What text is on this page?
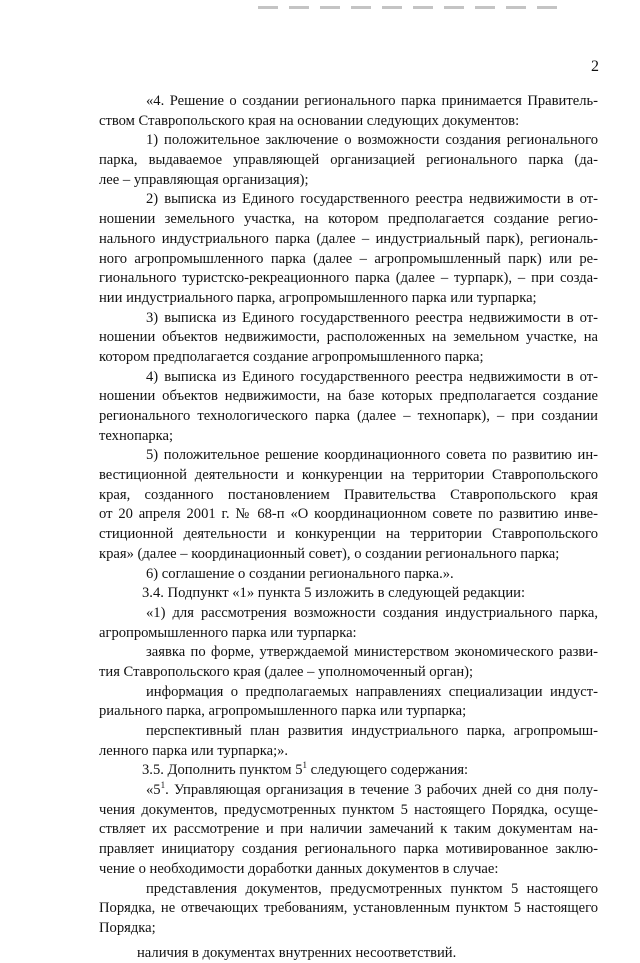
2
«4. Решение о создании регионального парка принимается Правитель-
ством Ставропольского края на основании следующих документов:
1) положительное заключение о возможности создания регионального
парка, выдаваемое управляющей организацией регионального парка (да-
лее – управляющая организация);
2) выписка из Единого государственного реестра недвижимости в от-
ношении земельного участка, на котором предполагается создание регио-
нального индустриального парка (далее – индустриальный парк), региональ-
ного агропромышленного парка (далее – агропромышленный парк) или ре-
гионального туристско-рекреационного парка (далее – турпарк), – при созда-
нии индустриального парка, агропромышленного парка или турпарка;
3) выписка из Единого государственного реестра недвижимости в от-
ношении объектов недвижимости, расположенных на земельном участке, на
котором предполагается создание агропромышленного парка;
4) выписка из Единого государственного реестра недвижимости в от-
ношении объектов недвижимости, на базе которых предполагается создание
регионального технологического парка (далее – технопарк), – при создании
технопарка;
5) положительное решение координационного совета по развитию ин-
вестиционной деятельности и конкуренции на территории Ставропольского
края, созданного постановлением Правительства Ставропольского края
от 20 апреля 2001 г. № 68-п «О координационном совете по развитию инве-
стиционной деятельности и конкуренции на территории Ставропольского
края» (далее – координационный совет), о создании регионального парка;
6) соглашение о создании регионального парка.».
3.4. Подпункт «1» пункта 5 изложить в следующей редакции:
«1) для рассмотрения возможности создания индустриального парка,
агропромышленного парка или турпарка:
заявка по форме, утверждаемой министерством экономического разви-
тия Ставропольского края (далее – уполномоченный орган);
информация о предполагаемых направлениях специализации индуст-
риального парка, агропромышленного парка или турпарка;
перспективный план развития индустриального парка, агропромыш-
ленного парка или турпарка;».
3.5. Дополнить пунктом $5^1$ следующего содержания:
«$5^1$. Управляющая организация в течение 3 рабочих дней со дня полу-
чения документов, предусмотренных пунктом 5 настоящего Порядка, осуще-
ствляет их рассмотрение и при наличии замечаний к таким документам на-
правляет инициатору создания регионального парка мотивированное заклю-
чение о необходимости доработки данных документов в случае:
представления документов, предусмотренных пунктом 5 настоящего
Порядка, не отвечающих требованиям, установленным пунктом 5 настоящего
Порядка;
наличия в документах внутренних несоответствий.
